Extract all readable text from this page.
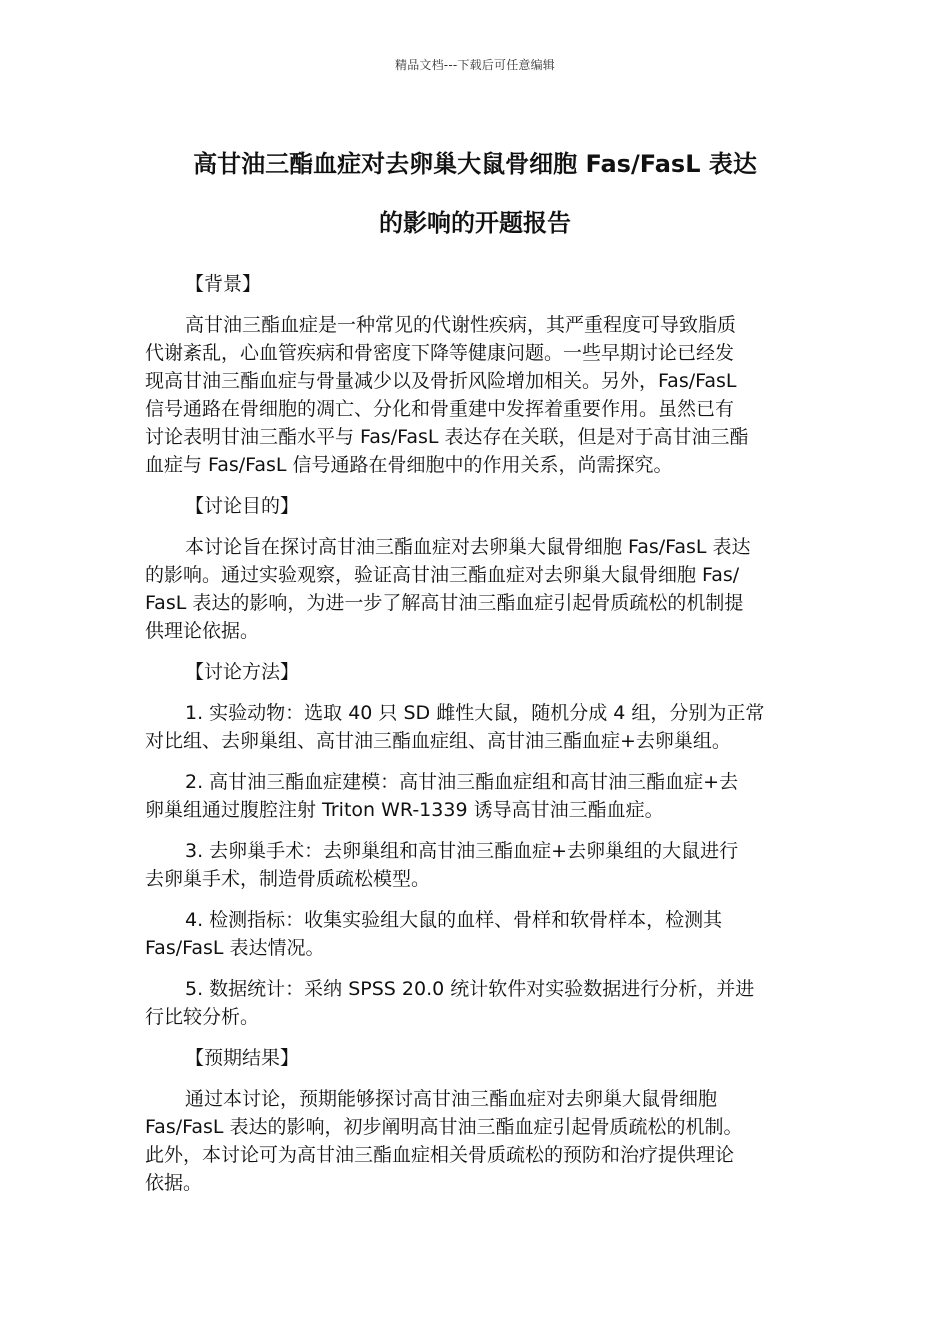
精品文档---下载后可任意编辑
高甘油三酯血症对去卵巢大鼠骨细胞 Fas/FasL 表达
的影响的开题报告
【背景】
高甘油三酯血症是一种常见的代谢性疾病，其严重程度可导致脂质
代谢紊乱，心血管疾病和骨密度下降等健康问题。一些早期讨论已经发
现高甘油三酯血症与骨量减少以及骨折风险增加相关。另外，Fas/FasL
信号通路在骨细胞的凋亡、分化和骨重建中发挥着重要作用。虽然已有
讨论表明甘油三酯水平与 Fas/FasL 表达存在关联，但是对于高甘油三酯
血症与 Fas/FasL 信号通路在骨细胞中的作用关系，尚需探究。
【讨论目的】
本讨论旨在探讨高甘油三酯血症对去卵巢大鼠骨细胞 Fas/FasL 表达
的影响。通过实验观察，验证高甘油三酯血症对去卵巢大鼠骨细胞 Fas/
FasL 表达的影响，为进一步了解高甘油三酯血症引起骨质疏松的机制提
供理论依据。
【讨论方法】
1. 实验动物：选取 40 只 SD 雌性大鼠，随机分成 4 组，分别为正常
对比组、去卵巢组、高甘油三酯血症组、高甘油三酯血症+去卵巢组。
2. 高甘油三酯血症建模：高甘油三酯血症组和高甘油三酯血症+去
卵巢组通过腹腔注射 Triton WR-1339 诱导高甘油三酯血症。
3. 去卵巢手术：去卵巢组和高甘油三酯血症+去卵巢组的大鼠进行
去卵巢手术，制造骨质疏松模型。
4. 检测指标：收集实验组大鼠的血样、骨样和软骨样本，检测其
Fas/FasL 表达情况。
5. 数据统计：采纳 SPSS 20.0 统计软件对实验数据进行分析，并进
行比较分析。
【预期结果】
通过本讨论，预期能够探讨高甘油三酯血症对去卵巢大鼠骨细胞
Fas/FasL 表达的影响，初步阐明高甘油三酯血症引起骨质疏松的机制。
此外，本讨论可为高甘油三酯血症相关骨质疏松的预防和治疗提供理论
依据。
